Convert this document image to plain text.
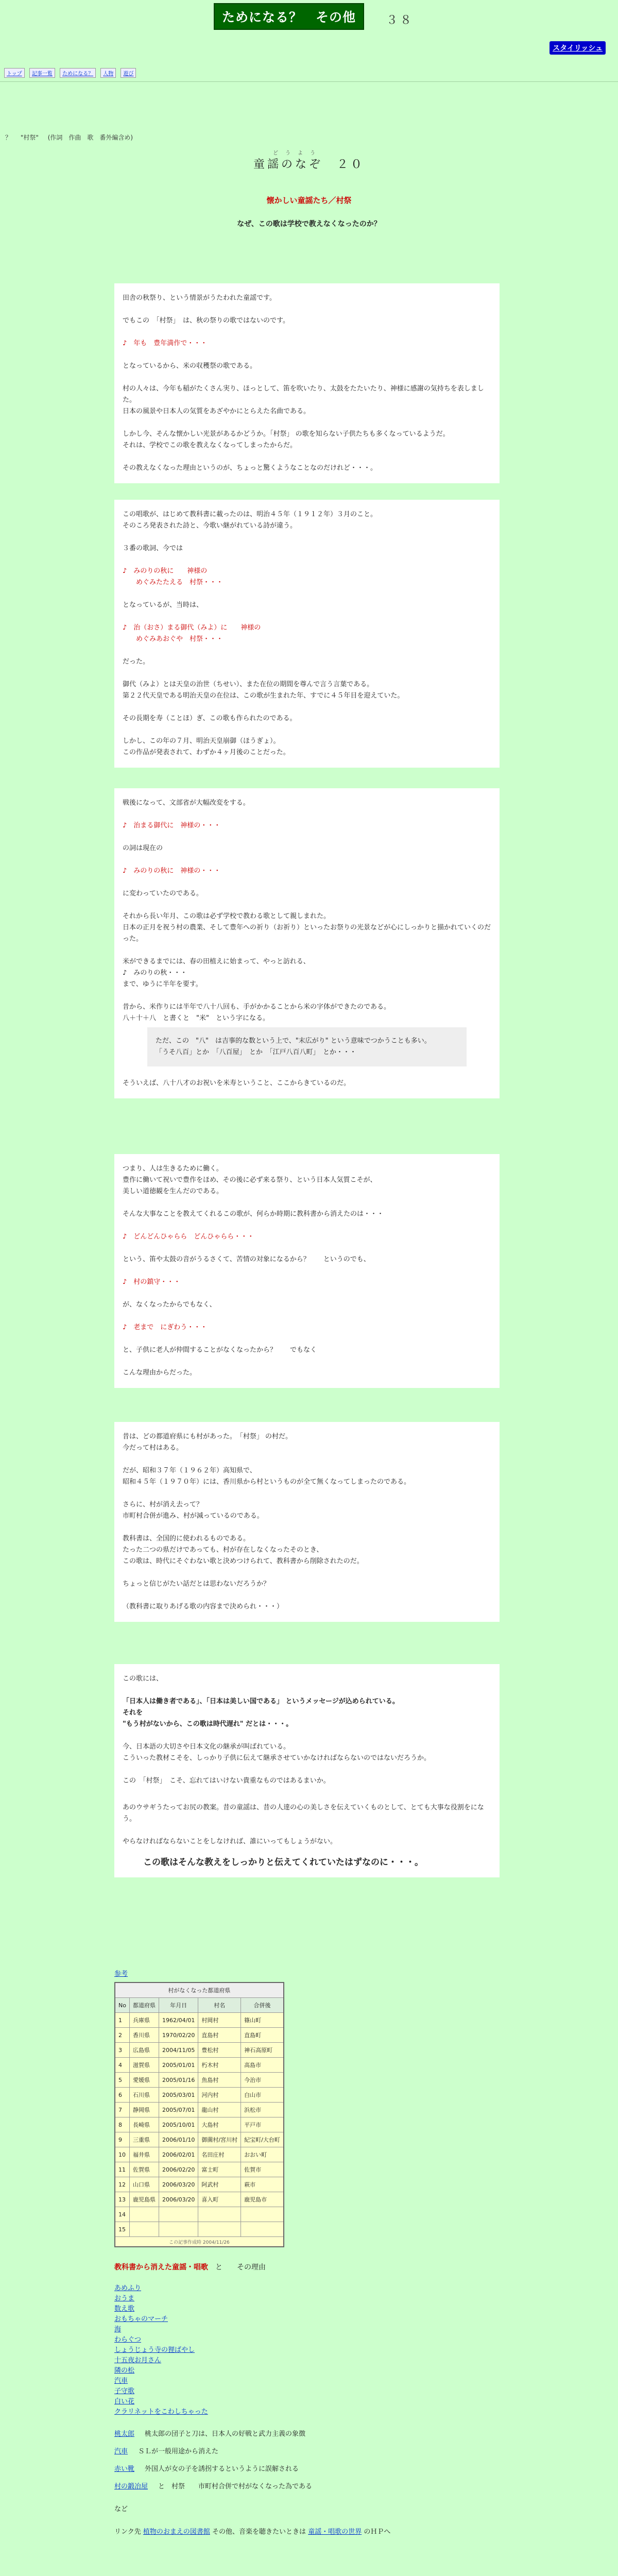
ためになる？　その他	３８
スタイリッシュ
トップ 記事一覧 ためになる？ 人物 遊び
？ "村祭" (作詞　作曲　歌　番外編含め)
どうよう
童謡のなぞ　２０
懐かしい童謡たち／村祭
なぜ、この歌は学校で教えなくなったのか？

田舎の秋祭り、という情景がうたわれた童謡です。

でもこの　「村祭」　は、秋の祭りの歌ではないのです。

♪　年も　豊年満作で・・・

となっているから、米の収穫祭の歌である。

村の人々は、今年も稲がたくさん実り、ほっとして、笛を吹いたり、太鼓をたたいたり、神様に感謝の気持ちを表しました。
日本の風景や日本人の気質をあざやかにとらえた名曲である。

しかし今、そんな懐かしい光景があるかどうか。「村祭」 の歌を知らない子供たちも多くなっているようだ。
それは、学校でこの歌を教えなくなってしまったからだ。

その教えなくなった理由というのが、ちょっと驚くようなことなのだけれど・・・。

この唱歌が、はじめて教科書に載ったのは、明治４５年（１９１２年）３月のこと。
そのころ発表された詩と、今歌い継がれている詩が違う。

３番の歌詞、今では

♪　みのりの秋に　　神様の
　　めぐみたたえる　村祭・・・

となっているが、当時は、

♪　治（おさ）まる御代（みよ）に　　神様の
　　めぐみあおぐや　村祭・・・

だった。

御代（みよ）とは天皇の治世（ちせい）、また在位の期間を尊んで言う言葉である。
第２２代天皇である明治天皇の在位は、この歌が生まれた年、すでに４５年目を迎えていた。

その長期を寿（ことほ）ぎ、この歌も作られたのである。

しかし、この年の７月、明治天皇崩御（ほうぎょ）。
この作品が発表されて、わずか４ヶ月後のことだった。

戦後になって、文部省が大幅改変をする。

♪　治まる御代に　神様の・・・

の詞は現在の

♪　みのりの秋に　神様の・・・

に変わっていたのである。

それから長い年月、この歌は必ず学校で教わる歌として親しまれた。
日本の正月を祝う村の農業、そして豊年への祈り（お祈り）といったお祭りの光景などが心にしっかりと描かれていくのだった。

米ができるまでには、春の田植えに始まって、やっと訪れる、
♪　みのりの秋・・・
まで、ゆうに半年を要す。

昔から、米作りには半年で八十八回も、手がかかることから米の字体ができたのである。
八＋十＋八　と書くと　"米"　という字になる。

ただ、この　"八"　は吉事的な数という上で、"末広がり" という意味でつかうことも多い。
「うそ八百」とか　「八百屋」　とか　「江戸八百八町」　とか・・・

そういえば、八十八才のお祝いを米寿ということ、ここからきているのだ。

つまり、人は生きるために働く。
豊作に働いて祝いで豊作をほめ、その後に必ず来る祭り、という日本人気質こそが、
美しい道徳観を生んだのである。

そんな大事なことを教えてくれるこの歌が、何らか時期に教科書から消えたのは・・・

♪　どんどんひゃらら　どんひゃらら・・・

という、笛や太鼓の音がうるさくて、苦情の対象になるから？　　というのでも、

♪　村の鎮守・・・

が、なくなったからでもなく、

♪　老まで　にぎわう・・・

と、子供に老人が仲間することがなくなったから？　　でもなく

こんな理由からだった。

昔は、どの都道府県にも村があった。　「村祭」 の村だ。
今だって村はある。

だが、昭和３７年（１９６２年）高知県で、
昭和４５年（１９７０年）には、香川県から村というものが全て無くなってしまったのである。

さらに、村が消え去って？
市町村合併が進み、村が減っているのである。

教科書は、全国的に使われるものである。
たった二つの県だけであっても、村が存在しなくなったそのとき、
この歌は、時代にそぐわない歌と決めつけられて、教科書から削除されたのだ。

ちょっと信じがたい話だとは思わないだろうか？

（教科書に取りあげる歌の内容まで決められ・・・）

この歌には、

「日本人は働き者である」、「日本は美しい国である」 というメッセージが込められている。
それを
"もう村がないから、この歌は時代遅れ" だとは・・・。

今、日本語の大切さや日本文化の継承が叫ばれている。
こういった教材こそを、しっかり子供に伝えて継承させていかなければならないのではないだろうか。

この　「村祭」　こそ、忘れてはいけない貴重なものではあるまいか。

あのウサギうたってお尻の教案。昔の童謡は、昔の人達の心の美しさを伝えていくものとして、とても大事な役割をになう。

やらなければならないことをしなければ、誰にいってもしょうがない。

この歌はそんな教えをしっかりと伝えてくれていたはずなのに・・・。

参考
村がなくなった都道府県				
No	都道府県	年月日	村名	合併後
1	兵庫県	1962/04/01	村岡村	篠山町
2	香川県	1970/02/20	直島村	直島町
3	広島県	2004/11/05	豊松村	神石高原町
4	滋賀県	2005/01/01	朽木村	高島市
5	愛媛県	2005/01/16	魚島村	今治市
6	石川県	2005/03/01	河内村	白山市
7	静岡県	2005/07/01	龍山村	浜松市
8	長崎県	2005/10/01	大島村	平戸市
9	三重県	2006/01/10	御薗村/宮川村	紀宝町/大台町
10	福井県	2006/02/01	名田庄村	おおい町
11	佐賀県	2006/02/20	富士町	佐賀市
12	山口県	2006/03/20	阿武村	萩市
13	鹿児島県	2006/03/20	喜入町	鹿児島市
14				
15				
この記事作成時 2004/11/26				
教科書から消えた童謡・唱歌　 と　　その理由
あめふり
おうま
数え歌
おもちゃのマーチ
海
わらぐつ
しょうじょう寺の狸ばやし
十五夜お月さん
隣の松
汽車
子守歌
白い花
クラリネットをこわしちゃった

桃太郎 桃太郎の団子と刀は、日本人の好戦と武力主義の象徴

汽車 ＳＬが一般用途から消えた

赤い靴 外国人が女の子を誘拐するというように誤解される

村の鍛冶屋 と　村祭　　市町村合併で村がなくなった為である

など

リンク先 植物のおまえの図書館 その他、音楽を聴きたいときは 童謡・唱歌の世界 のＨＰへ
